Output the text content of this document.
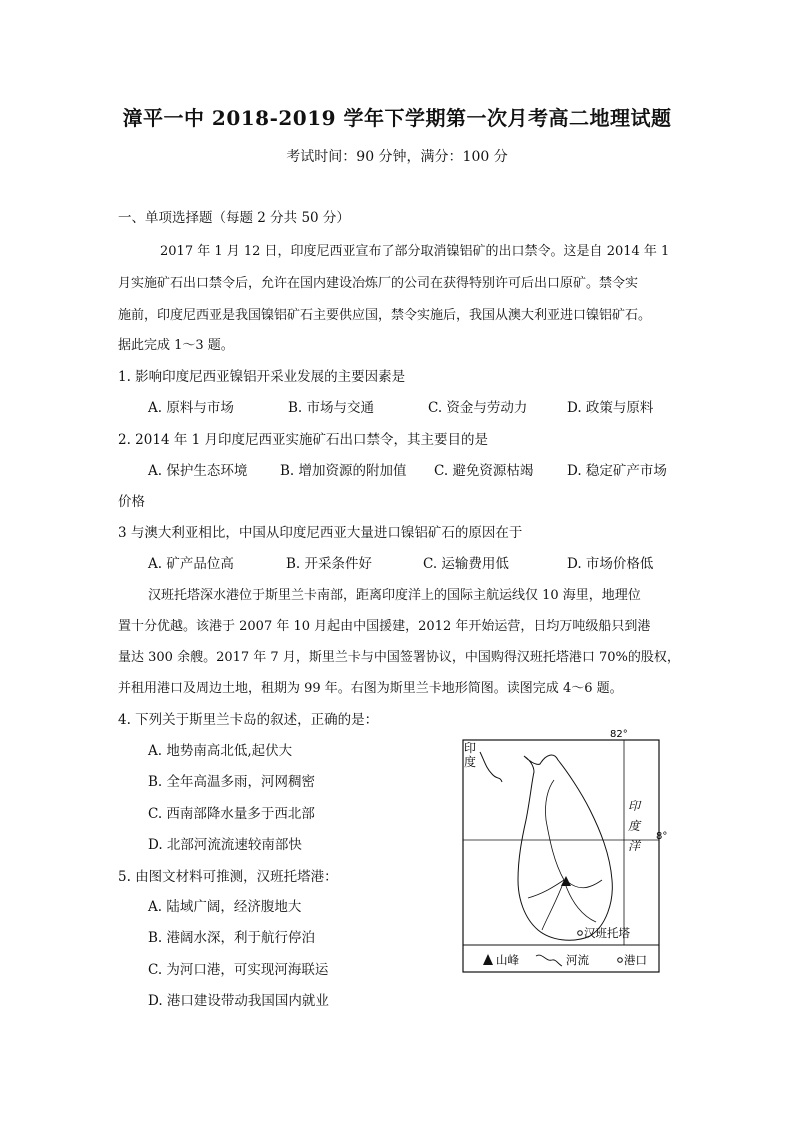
漳平一中 2018-2019 学年下学期第一次月考高二地理试题
考试时间：90 分钟，满分：100 分
一、单项选择题（每题 2 分共 50 分）
2017 年 1 月 12 日，印度尼西亚宣布了部分取消镍铝矿的出口禁令。这是自 2014 年 1
月实施矿石出口禁令后，允许在国内建设冶炼厂的公司在获得特别许可后出口原矿。禁令实
施前，印度尼西亚是我国镍铝矿石主要供应国，禁令实施后，我国从澳大利亚进口镍铝矿石。
据此完成 1～3 题。
1. 影响印度尼西亚镍铝开采业发展的主要因素是
A. 原料与市场	B. 市场与交通	C. 资金与劳动力	D. 政策与原料
2. 2014 年 1 月印度尼西亚实施矿石出口禁令，其主要目的是
A. 保护生态环境 B. 增加资源的附加值 C. 避免资源枯竭 D. 稳定矿产市场
价格
3 与澳大利亚相比，中国从印度尼西亚大量进口镍铝矿石的原因在于
A. 矿产品位高	B. 开采条件好	C. 运输费用低	D. 市场价格低
汉班托塔深水港位于斯里兰卡南部，距离印度洋上的国际主航运线仅 10 海里，地理位
置十分优越。该港于 2007 年 10 月起由中国援建，2012 年开始运营，日均万吨级船只到港
量达 300 余艘。2017 年 7 月，斯里兰卡与中国签署协议，中国购得汉班托塔港口 70%的股权，
并租用港口及周边土地，租期为 99 年。右图为斯里兰卡地形简图。读图完成 4～6 题。
4. 下列关于斯里兰卡岛的叙述，正确的是：
A. 地势南高北低,起伏大
B. 全年高温多雨，河网稠密
C. 西南部降水量多于西北部
D. 北部河流流速较南部快
5. 由图文材料可推测，汉班托塔港：
A. 陆域广阔，经济腹地大
B. 港阔水深，利于航行停泊
C. 为河口港，可实现河海联运
D. 港口建设带动我国国内就业
82°
8°
印
度
印
度
洋
汉班托塔
山峰	河流	港口
